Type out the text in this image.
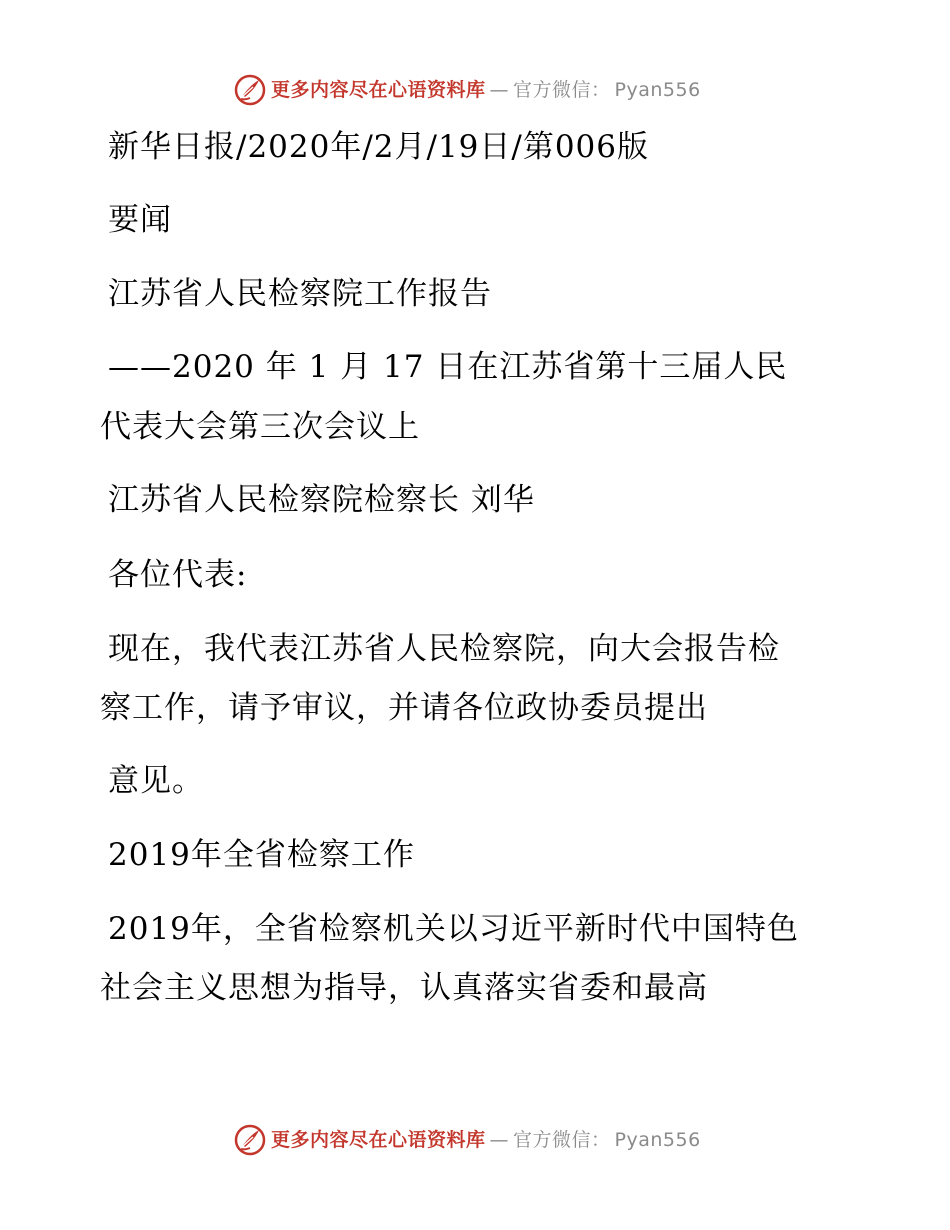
更多内容尽在心语资料库 — 官方微信： Pyan556
新华日报/2020年/2月/19日/第006版
要闻
江苏省人民检察院工作报告
——2020 年 1 月 17 日在江苏省第十三届人民
代表大会第三次会议上
江苏省人民检察院检察长 刘华
各位代表:
现在，我代表江苏省人民检察院，向大会报告检
察工作，请予审议，并请各位政协委员提出
意见。
2019年全省检察工作
2019年，全省检察机关以习近平新时代中国特色
社会主义思想为指导，认真落实省委和最高
更多内容尽在心语资料库 — 官方微信： Pyan556
